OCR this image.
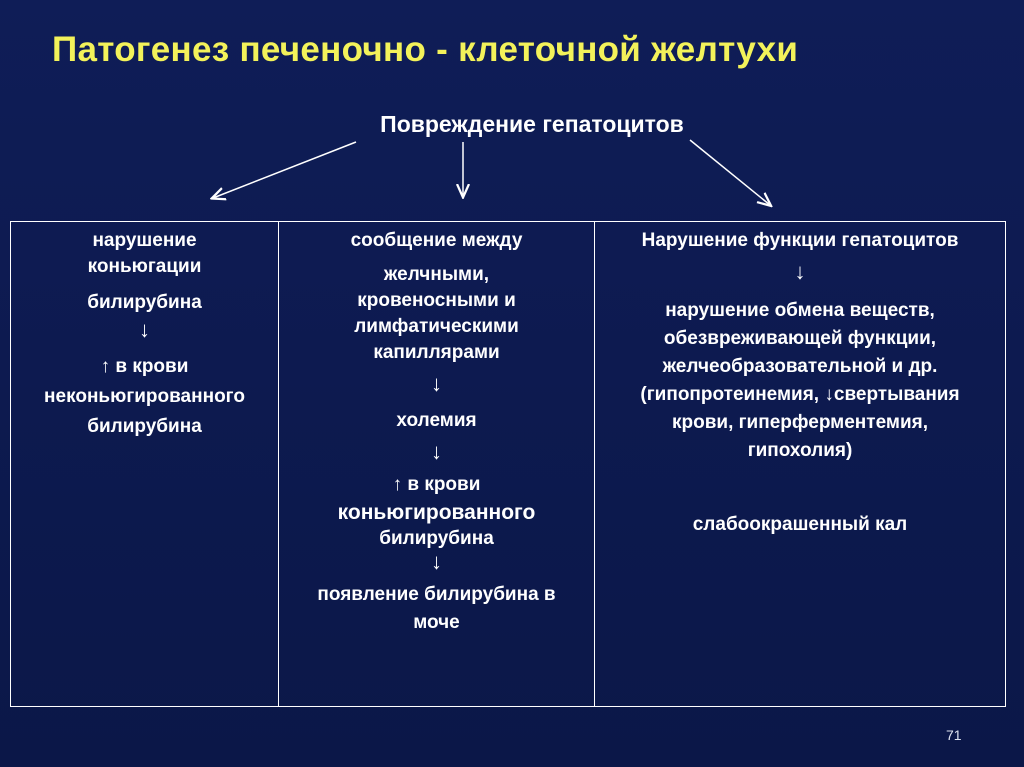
Патогенез печеночно - клеточной желтухи
Повреждение гепатоцитов

нарушение

коньюгации

билирубина

↓

↑ в крови

неконьюгированного

билирубина

сообщение между

желчными,

кровеносными и

лимфатическими

капиллярами

↓

холемия

↓

↑ в крови

коньюгированного

билирубина

↓

появление билирубина в

моче

Нарушение функции гепатоцитов

↓

нарушение обмена веществ,

обезвреживающей функции,

желчеобразовательной и др.

(гипопротеинемия, ↓свертывания

крови, гиперферментемия,

гипохолия)

слабоокрашенный кал

71
